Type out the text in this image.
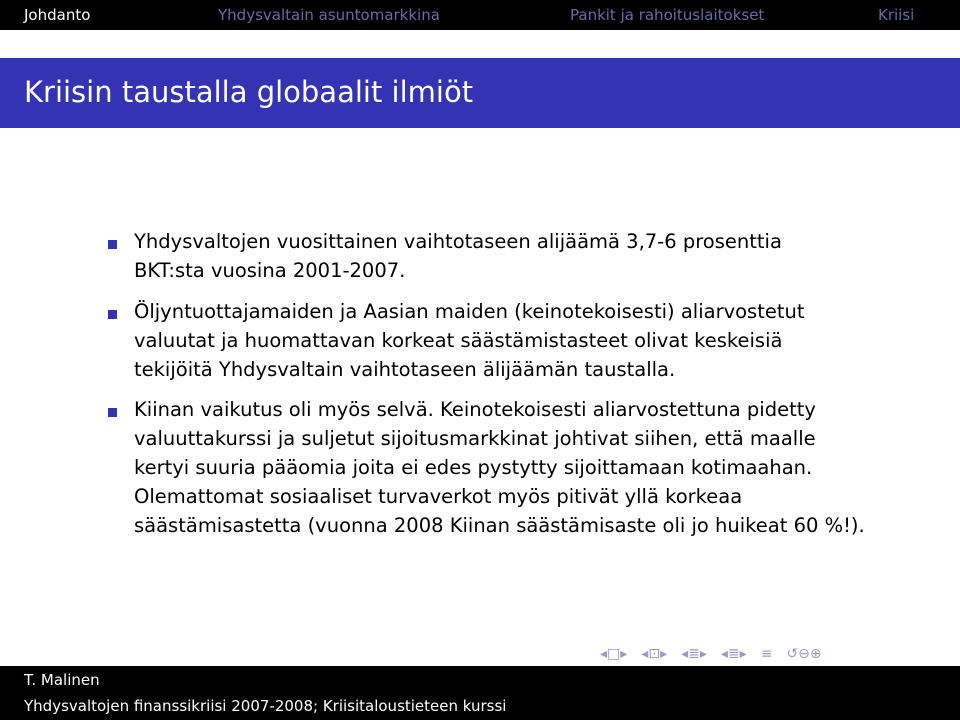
Johdanto	Yhdysvaltain asuntomarkkina	Pankit ja rahoituslaitokset	Kriisi
Kriisin taustalla globaalit ilmiöt
Yhdysvaltojen vuosittainen vaihtotaseen alijäämä 3,7-6 prosenttia
BKT:sta vuosina 2001-2007.
Öljyntuottajamaiden ja Aasian maiden (keinotekoisesti) aliarvostetut
valuutat ja huomattavan korkeat säästämistasteet olivat keskeisiä
tekijöitä Yhdysvaltain vaihtotaseen älijäämän taustalla.
Kiinan vaikutus oli myös selvä. Keinotekoisesti aliarvostettuna pidetty
valuuttakurssi ja suljetut sijoitusmarkkinat johtivat siihen, että maalle
kertyi suuria pääomia joita ei edes pystytty sijoittamaan kotimaahan.
Olemattomat sosiaaliset turvaverkot myös pitivät yllä korkeaa
säästämisastetta (vuonna 2008 Kiinan säästämisaste oli jo huikeat 60 %!).
◂ □ ▸ ◂ ⊡ ▸ ◂ ≣ ▸ ◂ ≣ ▸ ≡ ↺⊖⊕
T. Malinen
Yhdysvaltojen finanssikriisi 2007-2008; Kriisitaloustieteen kurssi
